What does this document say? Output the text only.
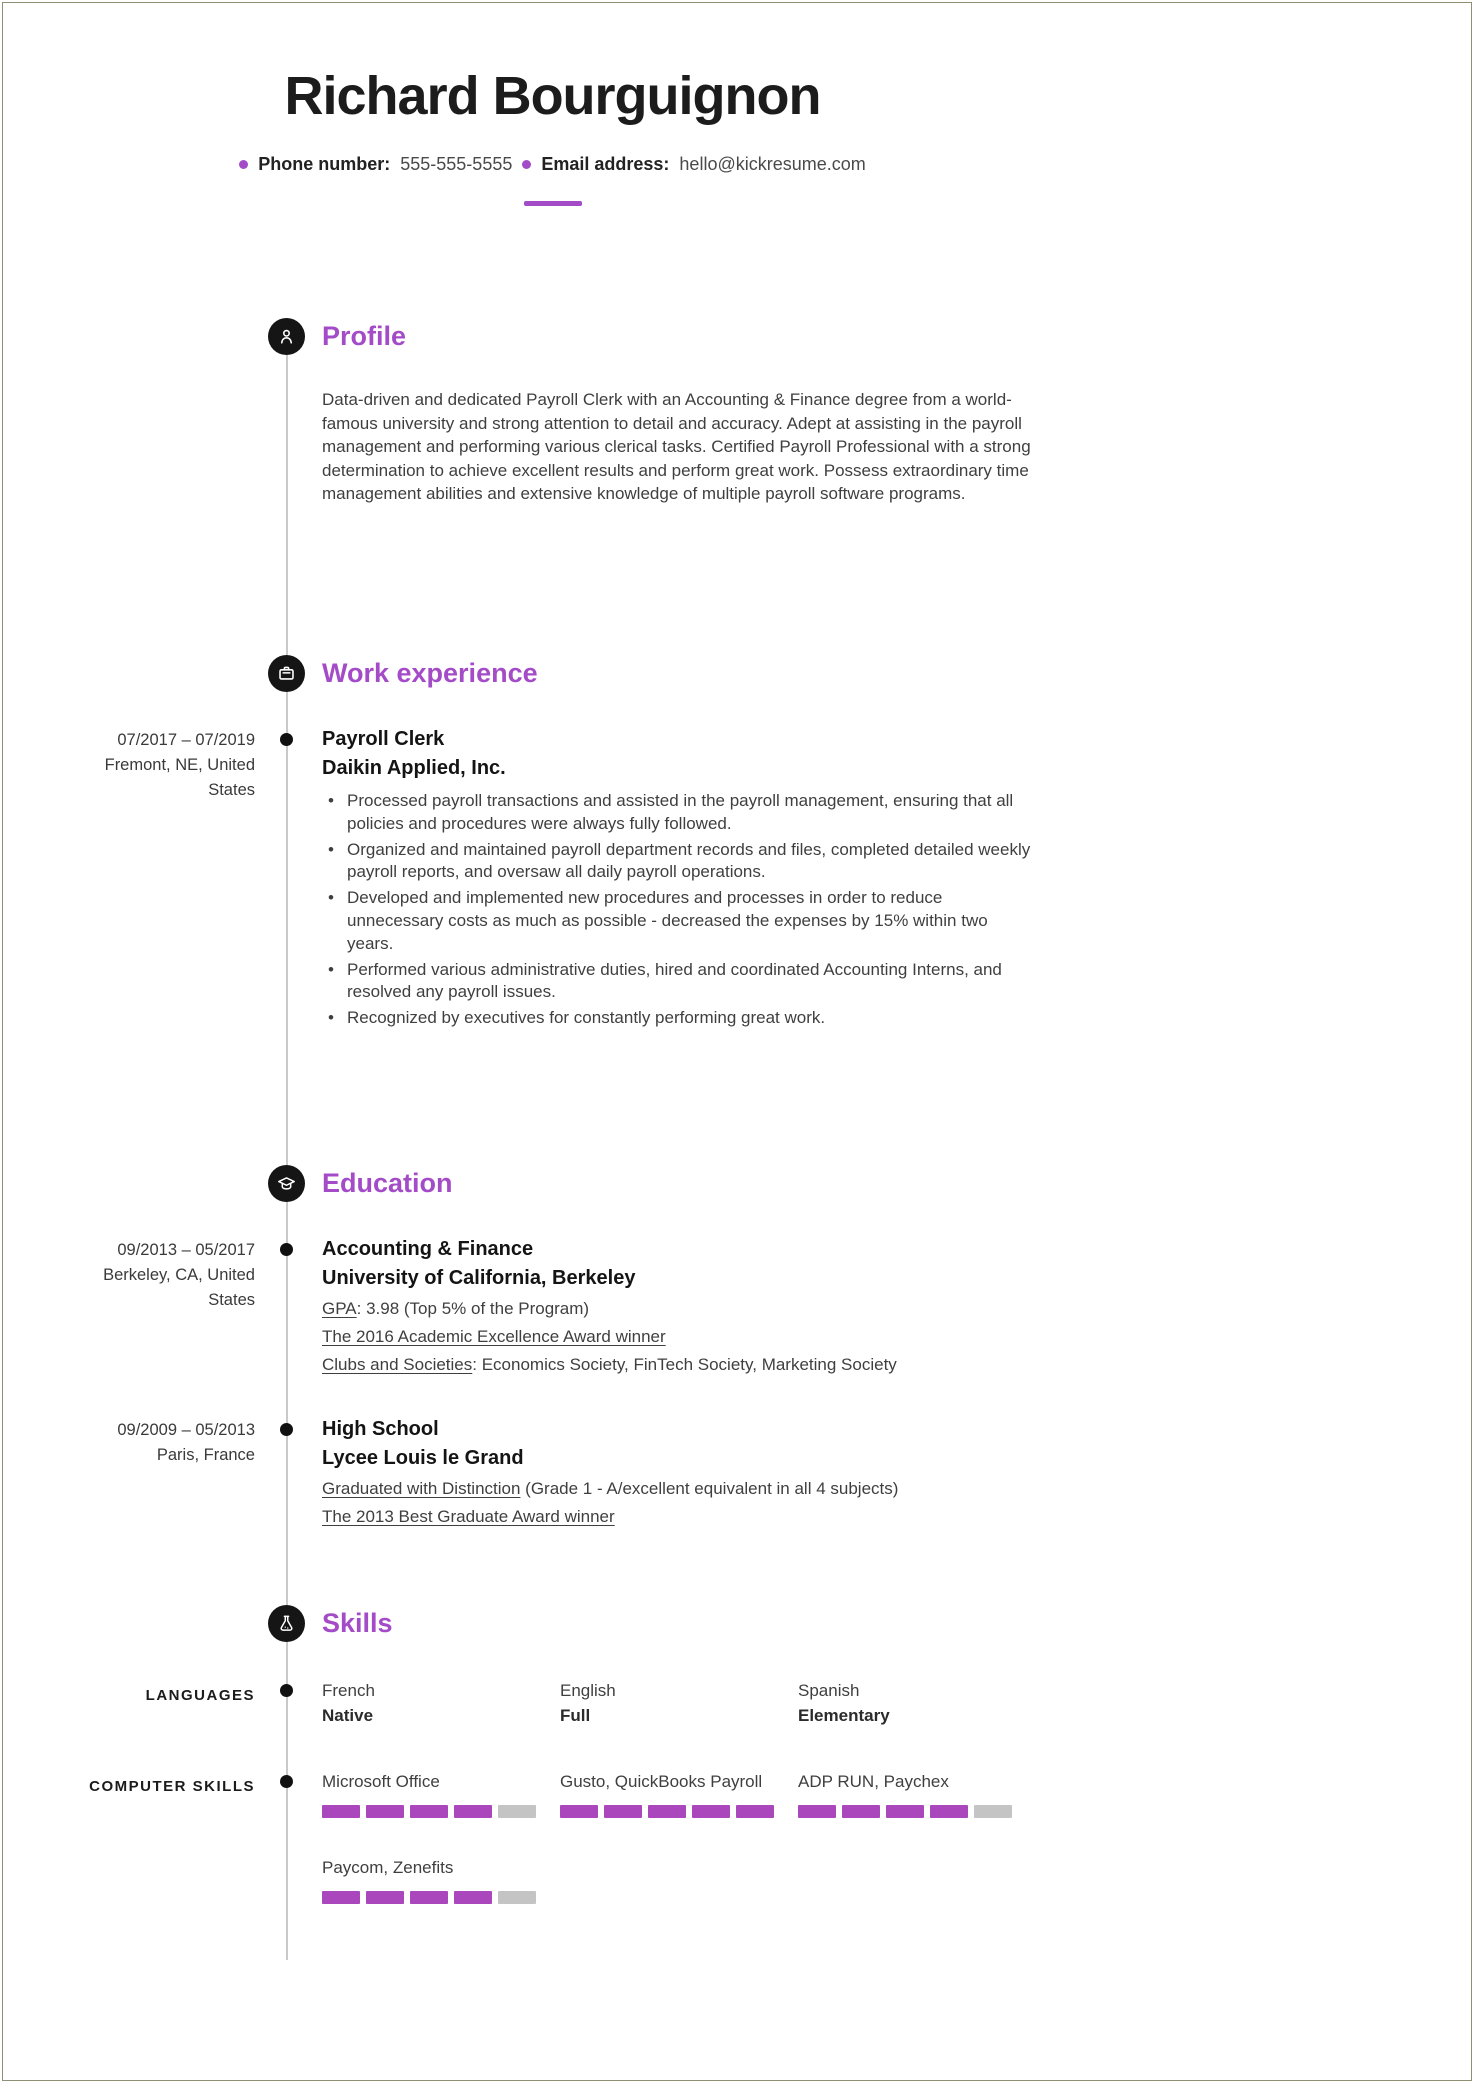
Richard Bourguignon
Phone number: 555-555-5555 Email address: hello@kickresume.com
Profile

Data-driven and dedicated Payroll Clerk with an Accounting & Finance degree from a world-famous university and strong attention to detail and accuracy. Adept at assisting in the payroll management and performing various clerical tasks. Certified Payroll Professional with a strong determination to achieve excellent results and perform great work. Possess extraordinary time management abilities and extensive knowledge of multiple payroll software programs.

Work experience
07/2017 – 07/2019
Fremont, NE, United States
Payroll Clerk
Daikin Applied, Inc.
• Processed payroll transactions and assisted in the payroll management, ensuring that all policies and procedures were always fully followed.
• Organized and maintained payroll department records and files, completed detailed weekly payroll reports, and oversaw all daily payroll operations.
• Developed and implemented new procedures and processes in order to reduce unnecessary costs as much as possible - decreased the expenses by 15% within two years.
• Performed various administrative duties, hired and coordinated Accounting Interns, and resolved any payroll issues.
• Recognized by executives for constantly performing great work.
Education
09/2013 – 05/2017
Berkeley, CA, United States
Accounting & Finance
University of California, Berkeley
GPA: 3.98 (Top 5% of the Program)
The 2016 Academic Excellence Award winner
Clubs and Societies: Economics Society, FinTech Society, Marketing Society
09/2009 – 05/2013
Paris, France
High School
Lycee Louis le Grand
Graduated with Distinction (Grade 1 - A/excellent equivalent in all 4 subjects)
The 2013 Best Graduate Award winner
Skills
LANGUAGES	French
Native
English
Full
Spanish
Elementary
COMPUTER SKILLS	Microsoft Office	Gusto, QuickBooks Payroll	ADP RUN, Paychex
Paycom, Zenefits
